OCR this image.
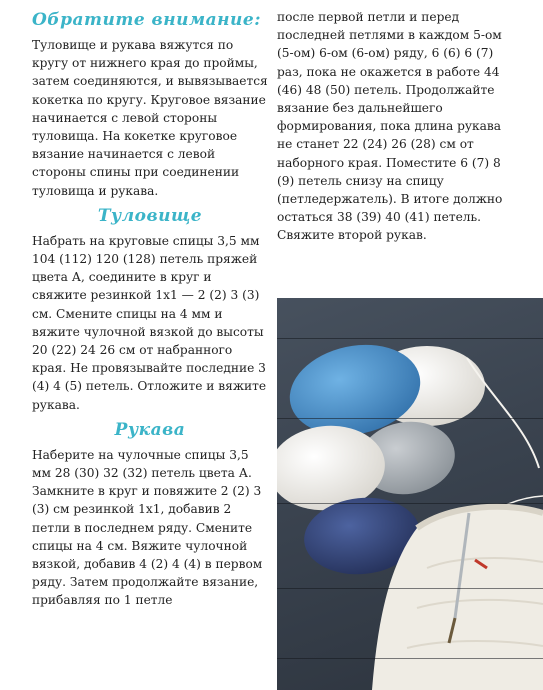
Обратите внимание:

Туловище и рукава вяжутся по кругу от нижнего края до проймы, затем соединяются, и вывязывается кокетка по кругу. Круговое вязание начинается с левой стороны туловища. На кокетке круговое вязание начинается с левой стороны спины при соединении туловища и рукава.

Туловище

Набрать на круговые спицы 3,5 мм 104 (112) 120 (128) петель пряжей цвета А, соедините в круг и свяжите резинкой 1х1 — 2 (2) 3 (3) см. Смените спицы на 4 мм и вяжите чулочной вязкой до высоты 20 (22) 24 26 см от набранного края. Не провязывайте последние 3 (4) 4 (5) петель. Отложите и вяжите рукава.

Рукава

Наберите на чулочные спицы 3,5 мм 28 (30) 32 (32) петель цвета А. Замкните в круг и повяжите 2 (2) 3 (3) см резинкой 1х1, добавив 2 петли в последнем ряду. Смените спицы на 4 см. Вяжите чулочной вязкой, добавив 4 (2) 4 (4) в первом ряду. Затем продолжайте вязание, прибавляя по 1 петле

после первой петли и перед последней петлями в каждом 5-ом (5-ом) 6-ом (6-ом) ряду, 6 (6) 6 (7) раз, пока не окажется в работе 44 (46) 48 (50) петель. Продолжайте вязание без дальнейшего формирования, пока длина рукава не станет 22 (24) 26 (28) см от наборного края. Поместите 6 (7) 8 (9) петель снизу на спицу (петледержатель). В итоге должно остаться 38 (39) 40 (41) петель. Свяжите второй рукав.
